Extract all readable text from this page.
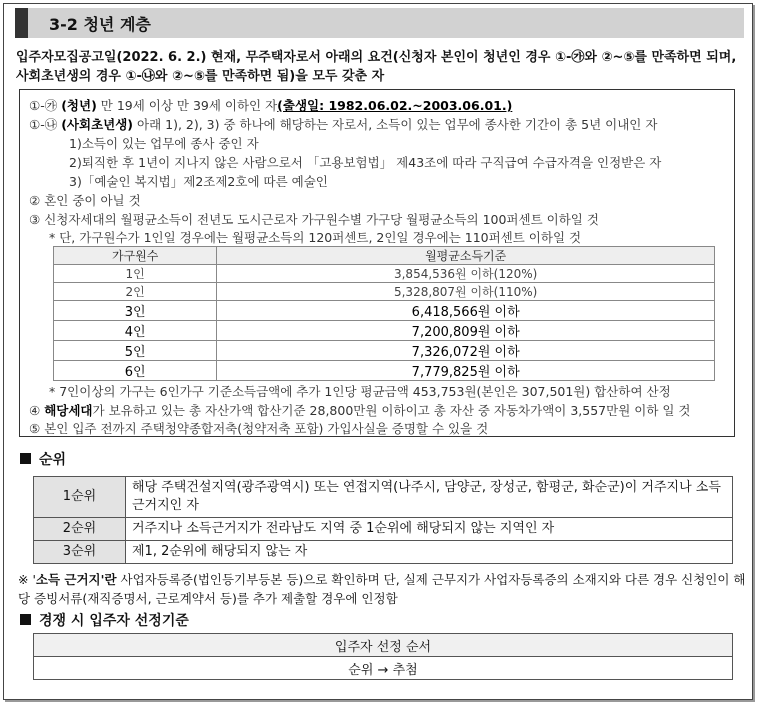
3-2 청년 계층
입주자모집공고일(2022. 6. 2.) 현재, 무주택자로서 아래의 요건(신청자 본인이 청년인 경우 ①-㉮와 ②~⑤를 만족하면 되며, 사회초년생의 경우 ①-㉯와 ②~⑤를 만족하면 됨)을 모두 갖춘 자
①-㉮ (청년) 만 19세 이상 만 39세 이하인 자(출생일: 1982.06.02.~2003.06.01.)
①-㉯ (사회초년생) 아래 1), 2), 3) 중 하나에 해당하는 자로서, 소득이 있는 업무에 종사한 기간이 총 5년 이내인 자
1)소득이 있는 업무에 종사 중인 자
2)퇴직한 후 1년이 지나지 않은 사람으로서 「고용보험법」 제43조에 따라 구직급여 수급자격을 인정받은 자
3)「예술인 복지법」제2조제2호에 따른 예술인
② 혼인 중이 아닐 것
③ 신청자세대의 월평균소득이 전년도 도시근로자 가구원수별 가구당 월평균소득의 100퍼센트 이하일 것
* 단, 가구원수가 1인일 경우에는 월평균소득의 120퍼센트, 2인일 경우에는 110퍼센트 이하일 것
가구원수	월평균소득기준
1인	3,854,536원 이하(120%)
2인	5,328,807원 이하(110%)
3인	6,418,566원 이하
4인	7,200,809원 이하
5인	7,326,072원 이하
6인	7,779,825원 이하
* 7인이상의 가구는 6인가구 기준소득금액에 추가 1인당 평균금액 453,753원(본인은 307,501원) 합산하여 산정
④ 해당세대가 보유하고 있는 총 자산가액 합산기준 28,800만원 이하이고 총 자산 중 자동차가액이 3,557만원 이하 일 것
⑤ 본인 입주 전까지 주택청약종합저축(청약저축 포함) 가입사실을 증명할 수 있을 것
순위
1순위	해당 주택건설지역(광주광역시) 또는 연접지역(나주시, 담양군, 장성군, 함평군, 화순군)이 거주지나 소득 근거지인 자
2순위	거주지나 소득근거지가 전라남도 지역 중 1순위에 해당되지 않는 지역인 자
3순위	제1, 2순위에 해당되지 않는 자
※ '소득 근거지'란 사업자등록증(법인등기부등본 등)으로 확인하며 단, 실제 근무지가 사업자등록증의 소재지와 다른 경우 신청인이 해당 증빙서류(재직증명서, 근로계약서 등)를 추가 제출할 경우에 인정함
경쟁 시 입주자 선정기준
입주자 선정 순서
순위 → 추첨
